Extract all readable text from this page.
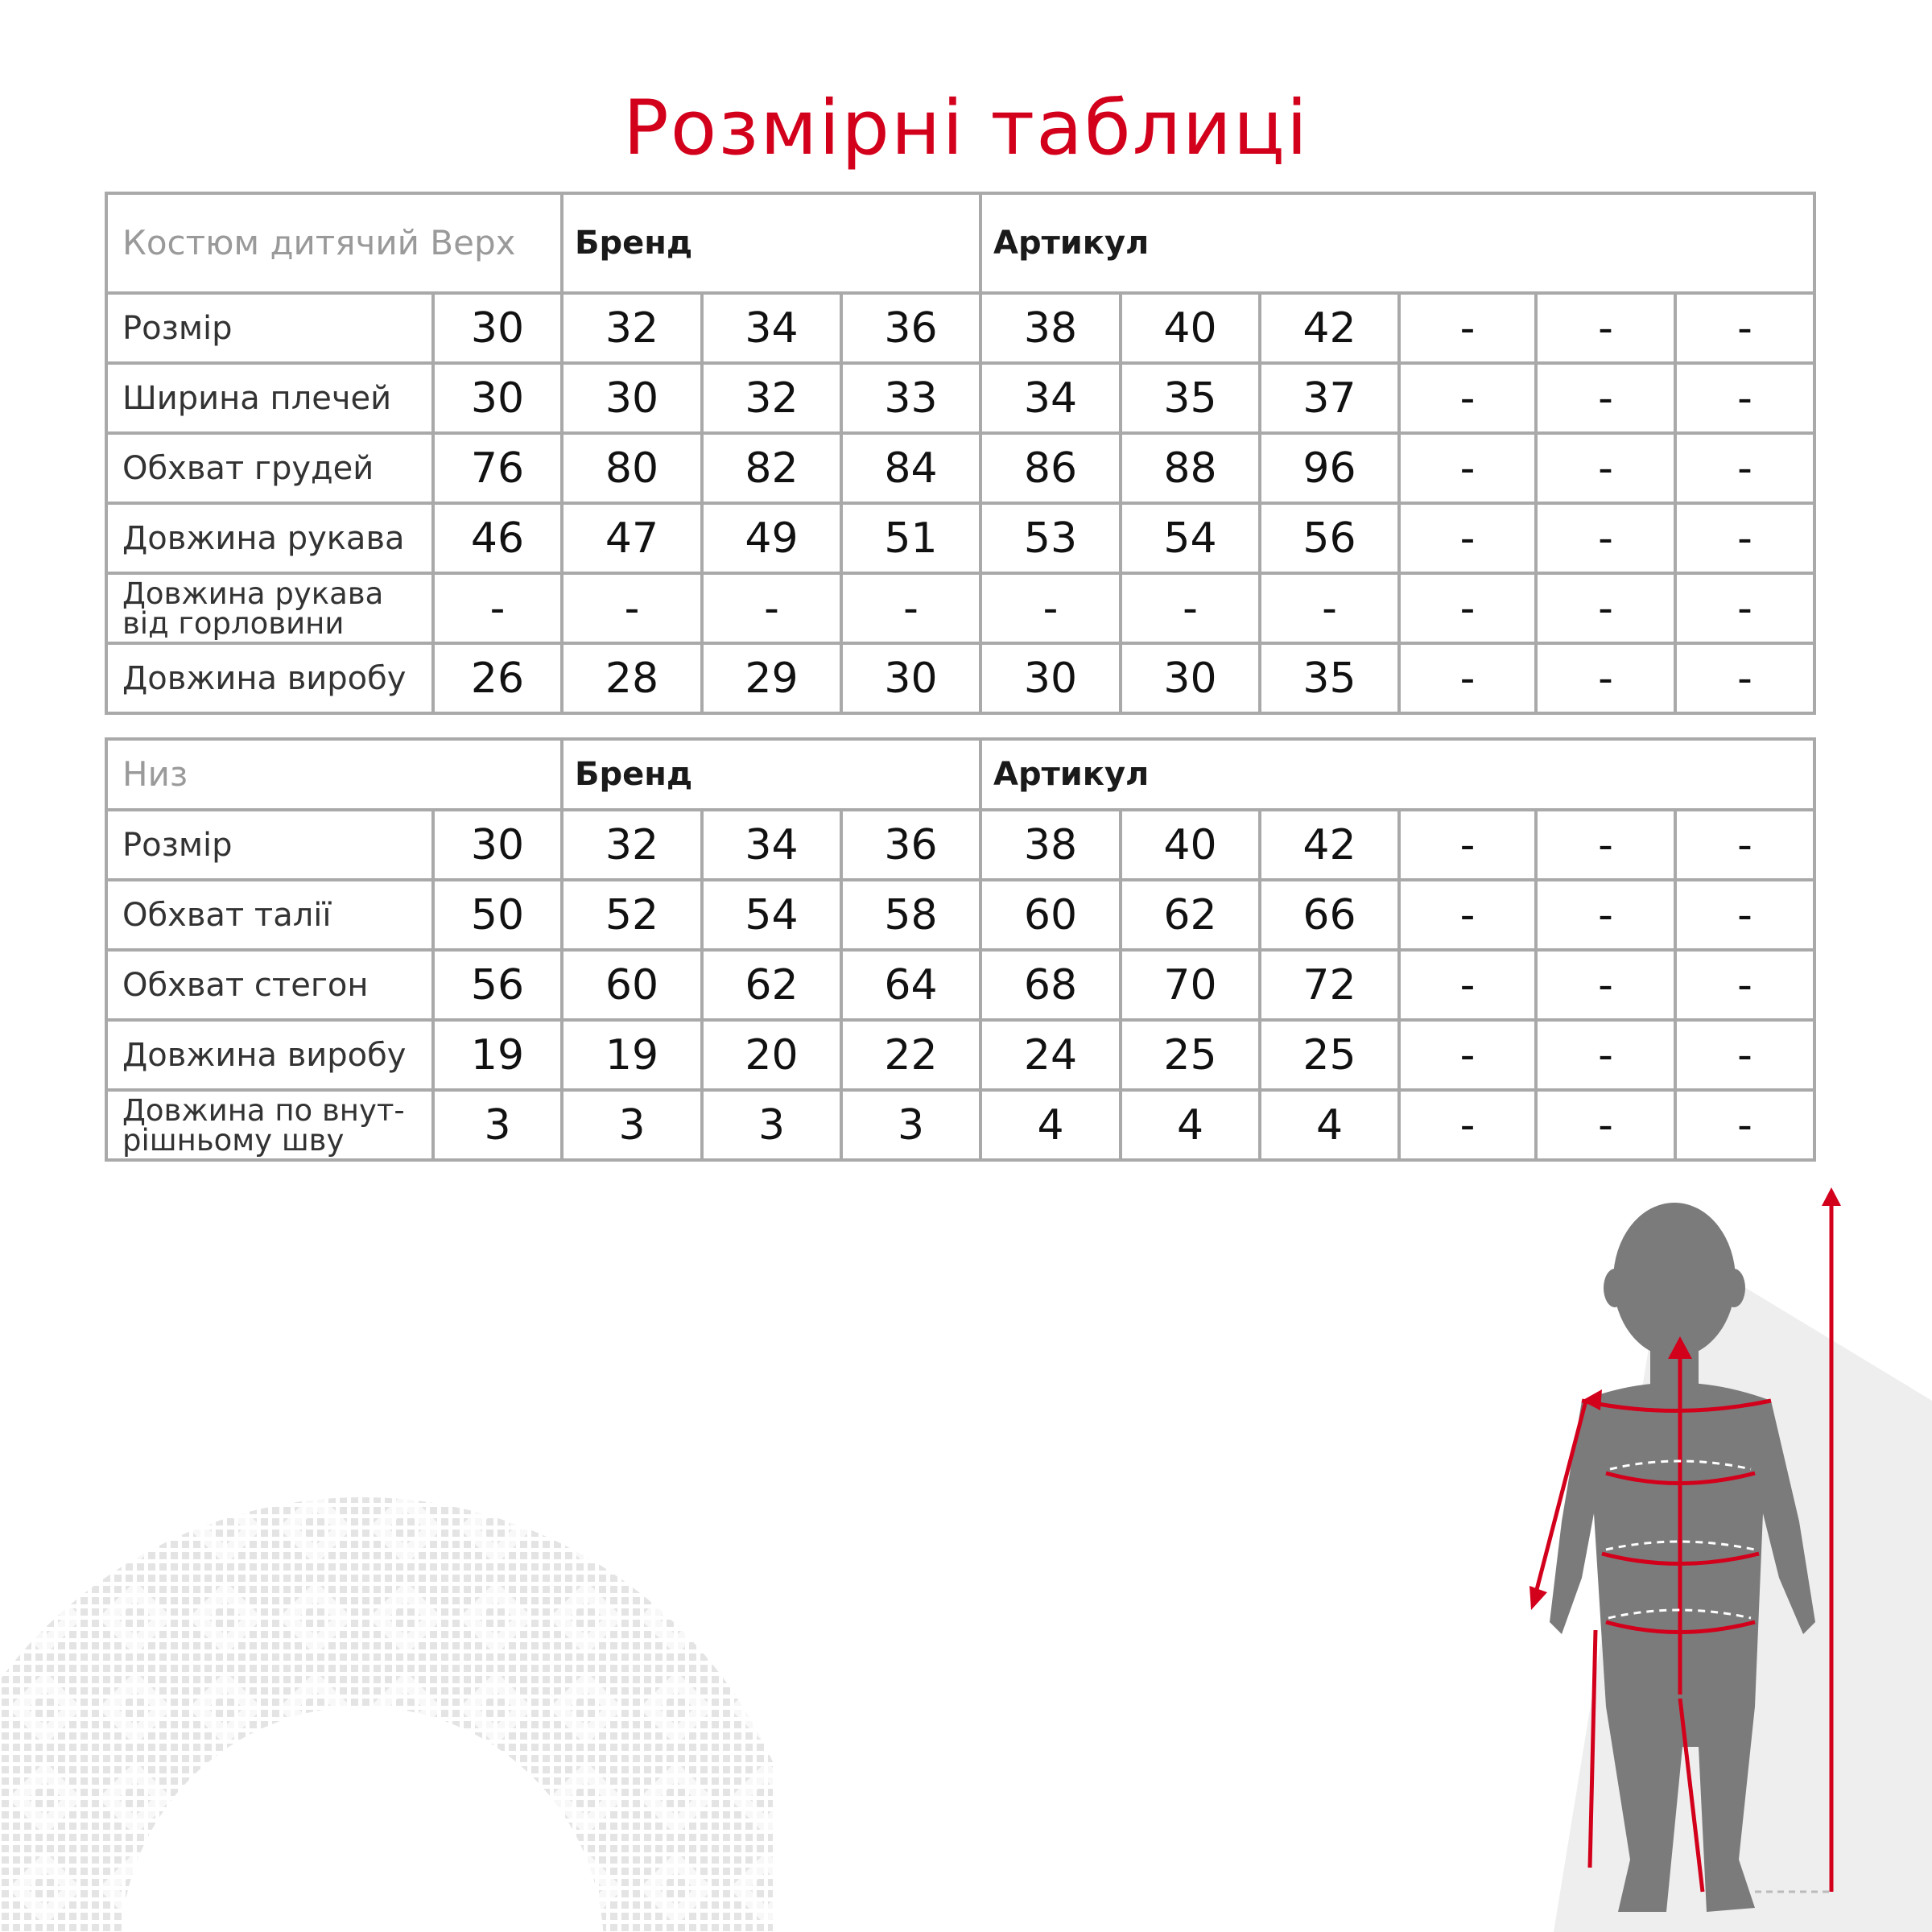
Розмірні таблиці
Костюм дитячий Верх		Бренд			Артикул					
Розмір	30	32	34	36	38	40	42	-	-	-
Ширина плечей	30	30	32	33	34	35	37	-	-	-
Обхват грудей	76	80	82	84	86	88	96	-	-	-
Довжина рукава	46	47	49	51	53	54	56	-	-	-
Довжина рукава від горловини	-	-	-	-	-	-	-	-	-	-
Довжина виробу	26	28	29	30	30	30	35	-	-	-
Низ		Бренд			Артикул					
Розмір	30	32	34	36	38	40	42	-	-	-
Обхват талії	50	52	54	58	60	62	66	-	-	-
Обхват стегон	56	60	62	64	68	70	72	-	-	-
Довжина виробу	19	19	20	22	24	25	25	-	-	-
Довжина по внут-рішньому шву	3	3	3	3	4	4	4	-	-	-
